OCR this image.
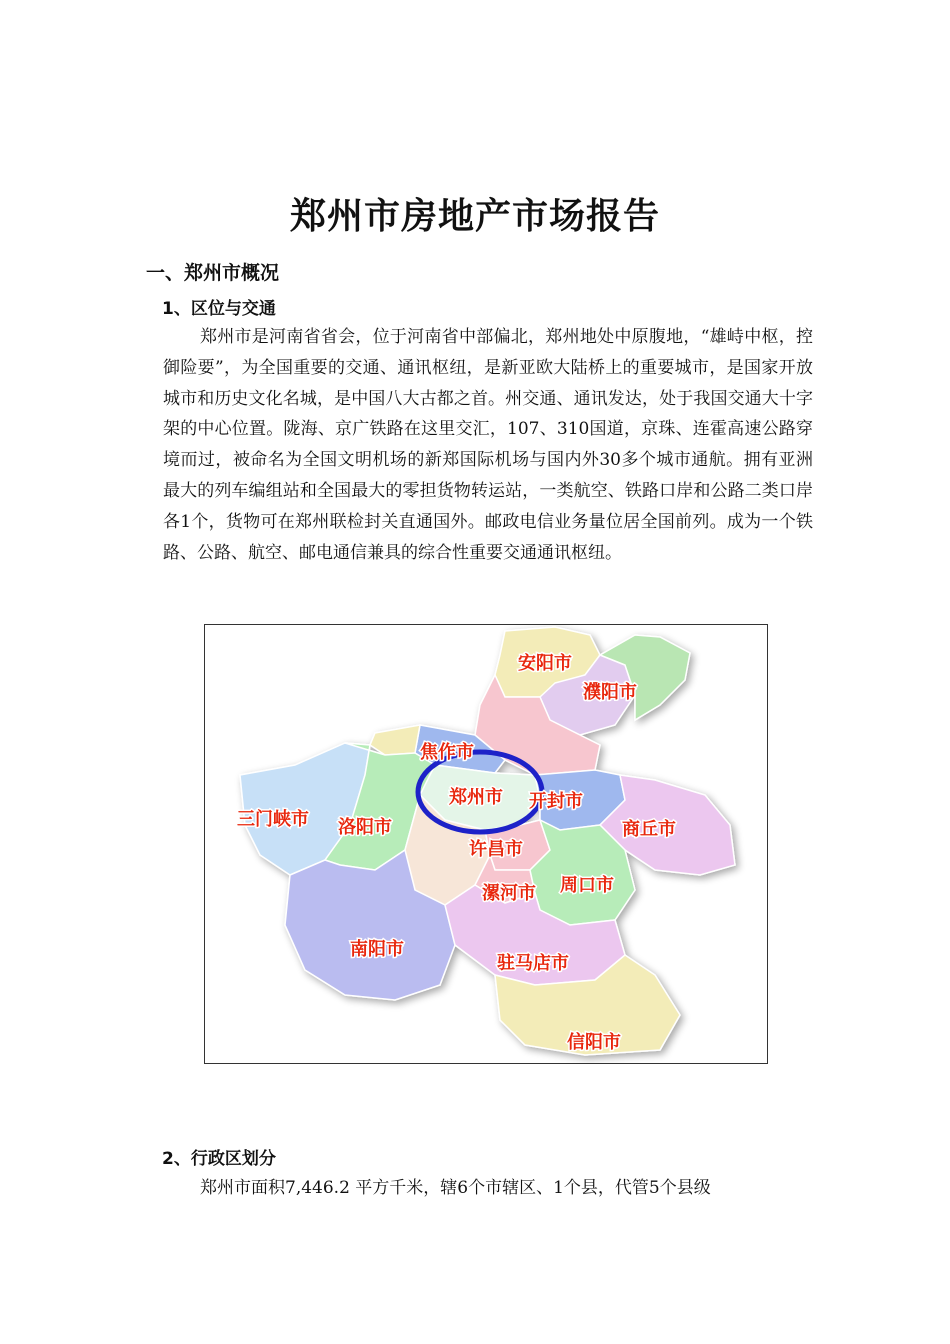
郑州市房地产市场报告
一、郑州市概况
1、区位与交通

郑州市是河南省省会，位于河南省中部偏北，郑州地处中原腹地，“雄峙中枢，控御险要”，为全国重要的交通、通讯枢纽，是新亚欧大陆桥上的重要城市，是国家开放城市和历史文化名城，是中国八大古都之首。州交通、通讯发达，处于我国交通大十字架的中心位置。陇海、京广铁路在这里交汇，107、310国道，京珠、连霍高速公路穿境而过，被命名为全国文明机场的新郑国际机场与国内外30多个城市通航。拥有亚洲最大的列车编组站和全国最大的零担货物转运站，一类航空、铁路口岸和公路二类口岸各1个，货物可在郑州联检封关直通国外。邮政电信业务量位居全国前列。成为一个铁路、公路、航空、邮电通信兼具的综合性重要交通通讯枢纽。

安阳市
濮阳市
焦作市
郑州市 开封市
三门峡市 洛阳市	商丘市
许昌市
漯河市 周口市
南阳市
驻马店市
信阳市
2、行政区划分

郑州市面积7,446.2 平方千米，辖6个市辖区、1个县，代管5个县级
